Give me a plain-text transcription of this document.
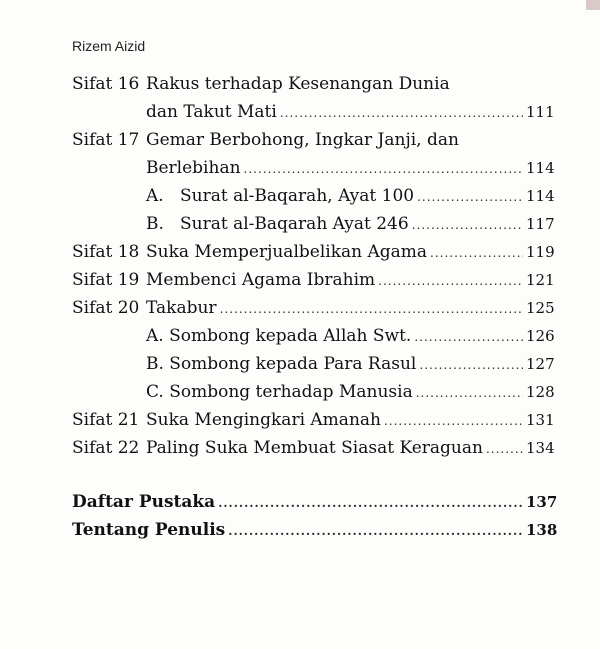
Rizem Aizid
Sifat 16 Rakus terhadap Kesenangan Dunia
dan Takut Mati .....	111
Sifat 17 Gemar Berbohong, Ingkar Janji, dan
Berlebihan .....	114
A. Surat al-Baqarah, Ayat 100 .....	114
B. Surat al-Baqarah Ayat 246 .....	117
Sifat 18 Suka Memperjualbelikan Agama .....	119
Sifat 19 Membenci Agama Ibrahim .....	121
Sifat 20 Takabur .....	125
A. Sombong kepada Allah Swt. .....	126
B. Sombong kepada Para Rasul .....	127
C. Sombong terhadap Manusia .....	128
Sifat 21 Suka Mengingkari Amanah .....	131
Sifat 22 Paling Suka Membuat Siasat Keraguan .....	134
Daftar Pustaka .....	137
Tentang Penulis .....	138
